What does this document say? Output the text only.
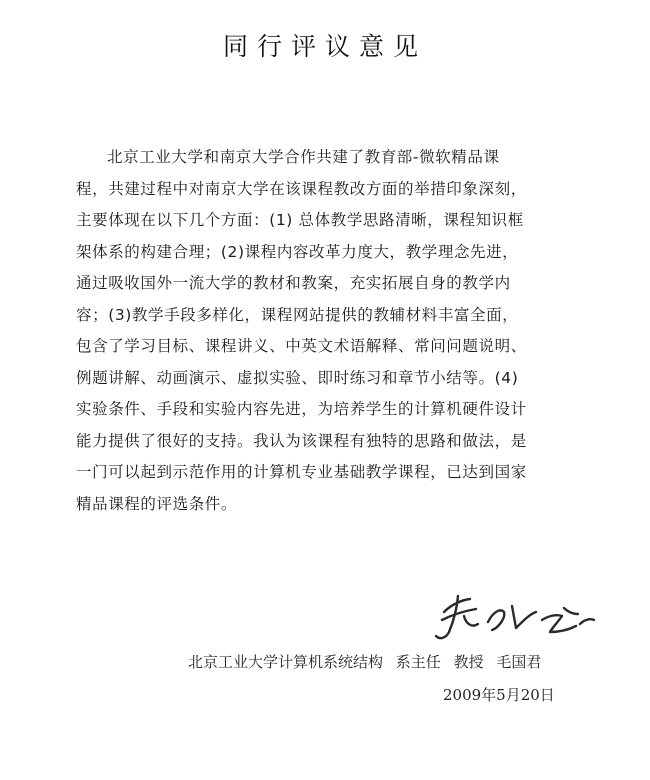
同行评议意见
北京工业大学和南京大学合作共建了教育部-微软精品课
程，共建过程中对南京大学在该课程教改方面的举措印象深刻，
主要体现在以下几个方面：(1) 总体教学思路清晰，课程知识框
架体系的构建合理；(2)课程内容改革力度大，教学理念先进，
通过吸收国外一流大学的教材和教案，充实拓展自身的教学内
容；(3)教学手段多样化，课程网站提供的教辅材料丰富全面，
包含了学习目标、课程讲义、中英文术语解释、常问问题说明、
例题讲解、动画演示、虚拟实验、即时练习和章节小结等。(4)
实验条件、手段和实验内容先进，为培养学生的计算机硬件设计
能力提供了很好的支持。我认为该课程有独特的思路和做法，是
一门可以起到示范作用的计算机专业基础教学课程，已达到国家
精品课程的评选条件。
北京工业大学计算机系统结构 系主任 教授 毛国君
2009年5月20日
